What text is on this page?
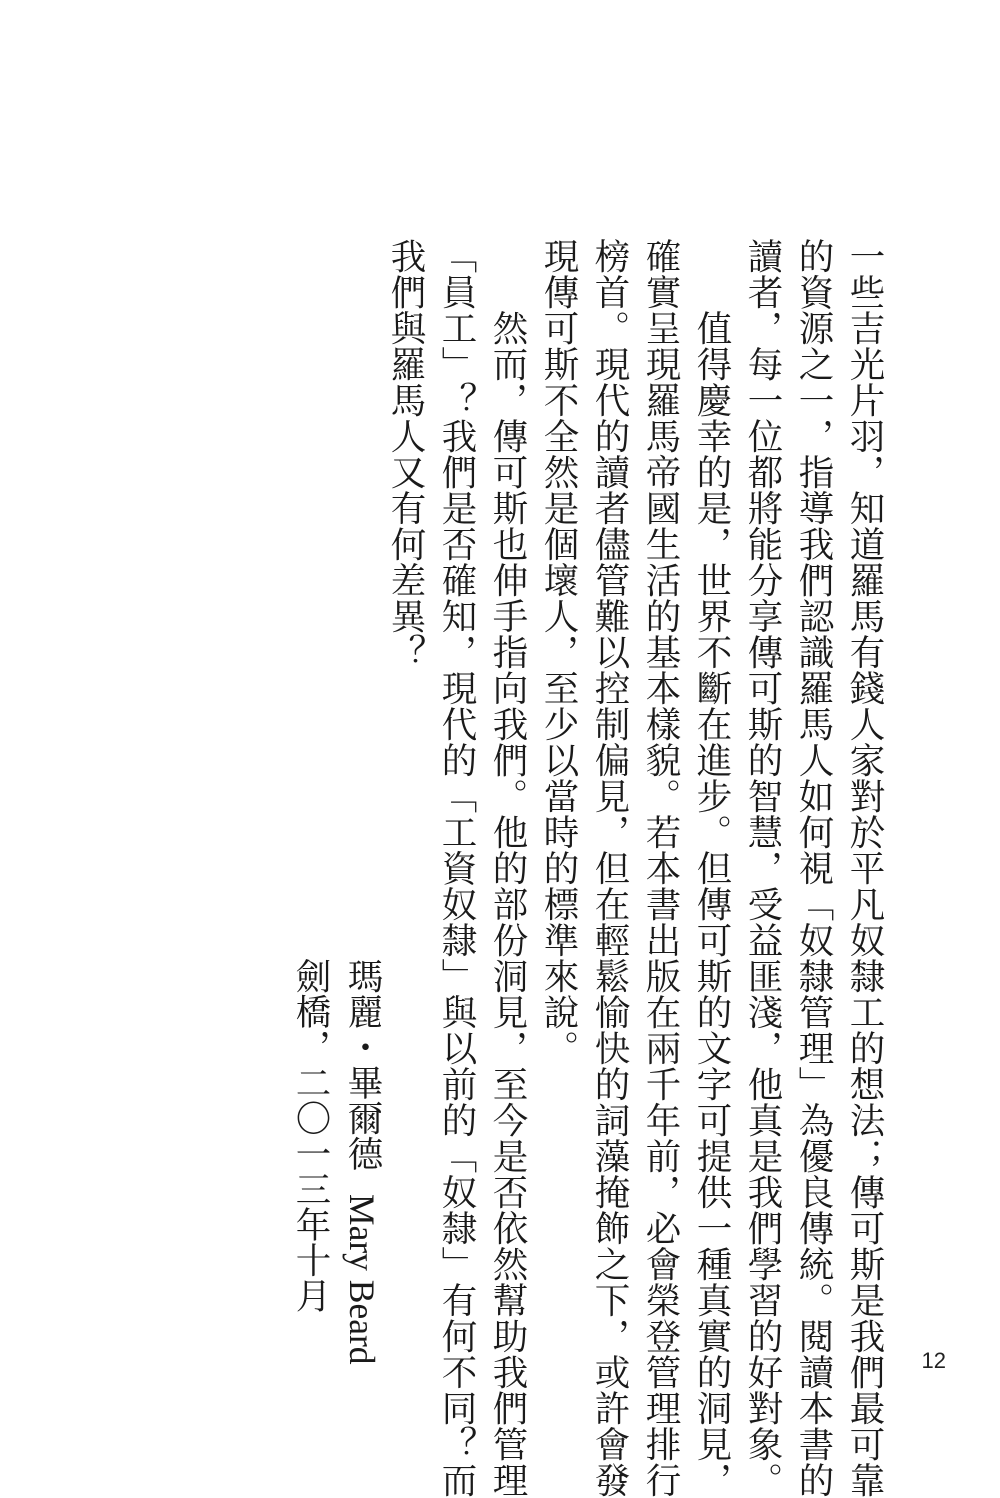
一些吉光片羽，知道羅馬有錢人家對於平凡奴隸工的想法；傳可斯是我們最可靠
的資源之一，指導我們認識羅馬人如何視「奴隸管理」為優良傳統。閱讀本書的
讀者，每一位都將能分享傳可斯的智慧，受益匪淺，他真是我們學習的好對象。
值得慶幸的是，世界不斷在進步。但傳可斯的文字可提供一種真實的洞見，
確實呈現羅馬帝國生活的基本樣貌。若本書出版在兩千年前，必會榮登管理排行
榜首。現代的讀者儘管難以控制偏見，但在輕鬆愉快的詞藻掩飾之下，或許會發
現傳可斯不全然是個壞人，至少以當時的標準來說。
然而，傳可斯也伸手指向我們。他的部份洞見，至今是否依然幫助我們管理
「員工」？我們是否確知，現代的「工資奴隸」與以前的「奴隸」有何不同？而
我們與羅馬人又有何差異？
瑪麗・畢爾德 Mary Beard
劍橋，二〇一三年十月
12
